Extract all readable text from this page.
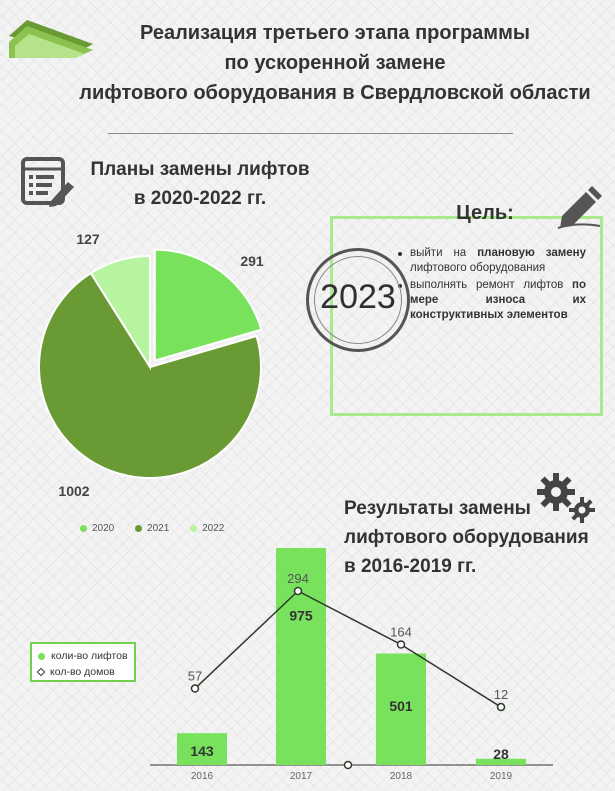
Реализация третьего этапа программы
по ускоренной замене
лифтового оборудования в Свердловской области
Планы замены лифтов
в 2020-2022 гг.
291
1002
127
2020
	2021
	2022
Цель:
выйти на плановую замену лифтового оборудования
выполнять ремонт лифтов по мере износа их конструктивных элементов
2023
Результаты замены
лифтового оборудования
в 2016-2019 гг.
143
2016
975
2017
501
2018
28
2019
57
294
164
12
коли-во лифтов
кол-во домов
